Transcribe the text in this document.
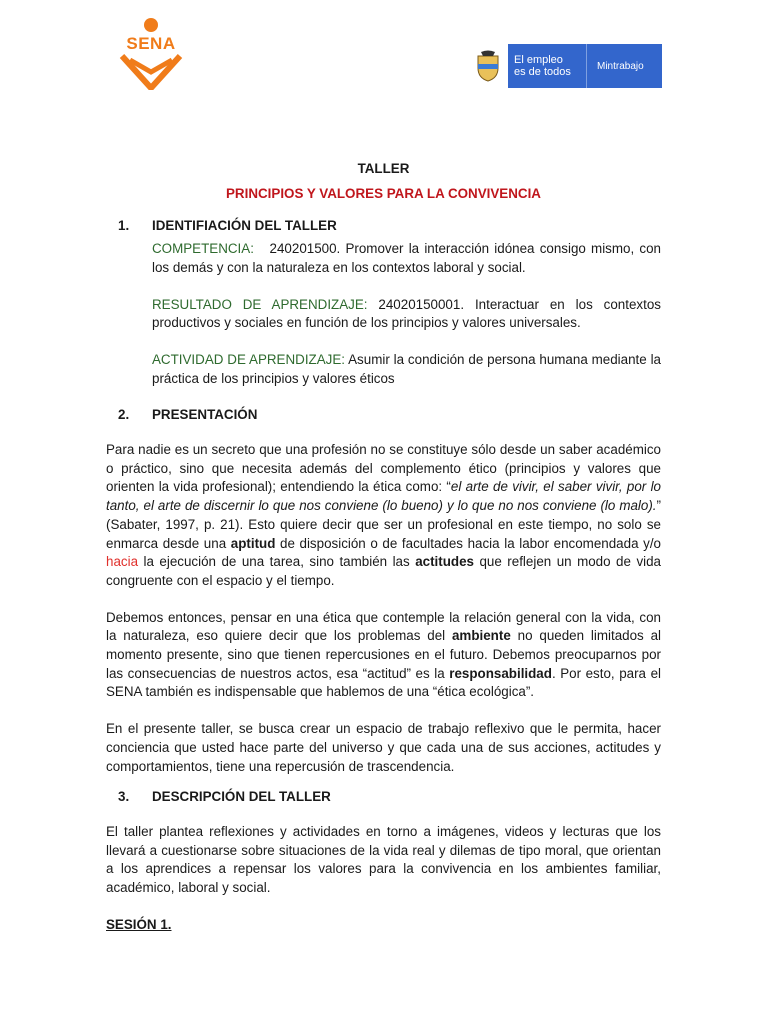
SENA
El empleo
es de todos	Mintrabajo
TALLER
PRINCIPIOS Y VALORES PARA LA CONVIVENCIA
1.	IDENTIFIACIÓN DEL TALLER

COMPETENCIA: 240201500. Promover la interacción idónea consigo mismo, con los demás y con la naturaleza en los contextos laboral y social.

RESULTADO DE APRENDIZAJE: 24020150001. Interactuar en los contextos productivos y sociales en función de los principios y valores universales.

ACTIVIDAD DE APRENDIZAJE: Asumir la condición de persona humana mediante la práctica de los principios y valores éticos

2.	PRESENTACIÓN

Para nadie es un secreto que una profesión no se constituye sólo desde un saber académico o práctico, sino que necesita además del complemento ético (principios y valores que orienten la vida profesional); entendiendo la ética como: “el arte de vivir, el saber vivir, por lo tanto, el arte de discernir lo que nos conviene (lo bueno) y lo que no nos conviene (lo malo).” (Sabater, 1997, p. 21). Esto quiere decir que ser un profesional en este tiempo, no solo se enmarca desde una aptitud de disposición o de facultades hacia la labor encomendada y/o hacia la ejecución de una tarea, sino también las actitudes que reflejen un modo de vida congruente con el espacio y el tiempo.

Debemos entonces, pensar en una ética que contemple la relación general con la vida, con la naturaleza, eso quiere decir que los problemas del ambiente no queden limitados al momento presente, sino que tienen repercusiones en el futuro. Debemos preocuparnos por las consecuencias de nuestros actos, esa “actitud” es la responsabilidad. Por esto, para el SENA también es indispensable que hablemos de una “ética ecológica”.

En el presente taller, se busca crear un espacio de trabajo reflexivo que le permita, hacer conciencia que usted hace parte del universo y que cada una de sus acciones, actitudes y comportamientos, tiene una repercusión de trascendencia.

3.	DESCRIPCIÓN DEL TALLER

El taller plantea reflexiones y actividades en torno a imágenes, videos y lecturas que los llevará a cuestionarse sobre situaciones de la vida real y dilemas de tipo moral, que orientan a los aprendices a repensar los valores para la convivencia en los ambientes familiar, académico, laboral y social.

SESIÓN 1.
